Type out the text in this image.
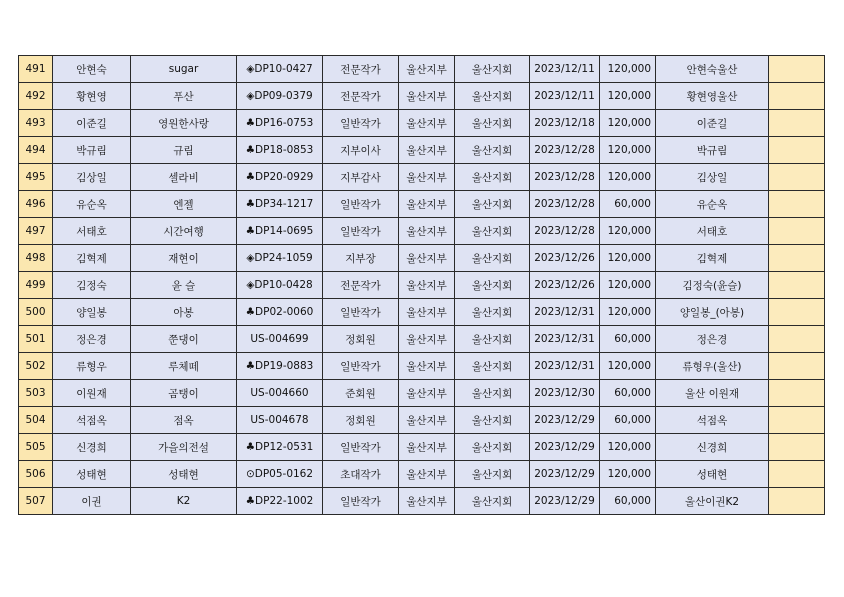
491	안현숙	sugar	◈DP10-0427	전문작가	울산지부	울산지회	2023/12/11	120,000	안현숙울산	
492	황현영	푸산	◈DP09-0379	전문작가	울산지부	울산지회	2023/12/11	120,000	황현영울산	
493	이준길	영원한사랑	♣DP16-0753	일반작가	울산지부	울산지회	2023/12/18	120,000	이준길	
494	박규림	규림	♣DP18-0853	지부이사	울산지부	울산지회	2023/12/28	120,000	박규림	
495	김상일	셀라비	♣DP20-0929	지부감사	울산지부	울산지회	2023/12/28	120,000	김상일	
496	유순옥	엔젤	♣DP34-1217	일반작가	울산지부	울산지회	2023/12/28	60,000	유순옥	
497	서태호	시간여행	♣DP14-0695	일반작가	울산지부	울산지회	2023/12/28	120,000	서태호	
498	김혁제	재현이	◈DP24-1059	지부장	울산지부	울산지회	2023/12/26	120,000	김혁제	
499	김정숙	윤 슬	◈DP10-0428	전문작가	울산지부	울산지회	2023/12/26	120,000	김정숙(윤슬)	
500	양일봉	아봉	♣DP02-0060	일반작가	울산지부	울산지회	2023/12/31	120,000	양일봉_(아봉)	
501	정은경	쭌댕이	US-004699	정회원	울산지부	울산지회	2023/12/31	60,000	정은경	
502	류형우	루체떼	♣DP19-0883	일반작가	울산지부	울산지회	2023/12/31	120,000	류형우(울산)	
503	이원재	곰탱이	US-004660	준회원	울산지부	울산지회	2023/12/30	60,000	울산 이원재	
504	석점옥	점옥	US-004678	정회원	울산지부	울산지회	2023/12/29	60,000	석점옥	
505	신경희	가을의전설	♣DP12-0531	일반작가	울산지부	울산지회	2023/12/29	120,000	신경희	
506	성태현	성태현	⊙DP05-0162	초대작가	울산지부	울산지회	2023/12/29	120,000	성태현	
507	이권	K2	♣DP22-1002	일반작가	울산지부	울산지회	2023/12/29	60,000	울산이권K2	
